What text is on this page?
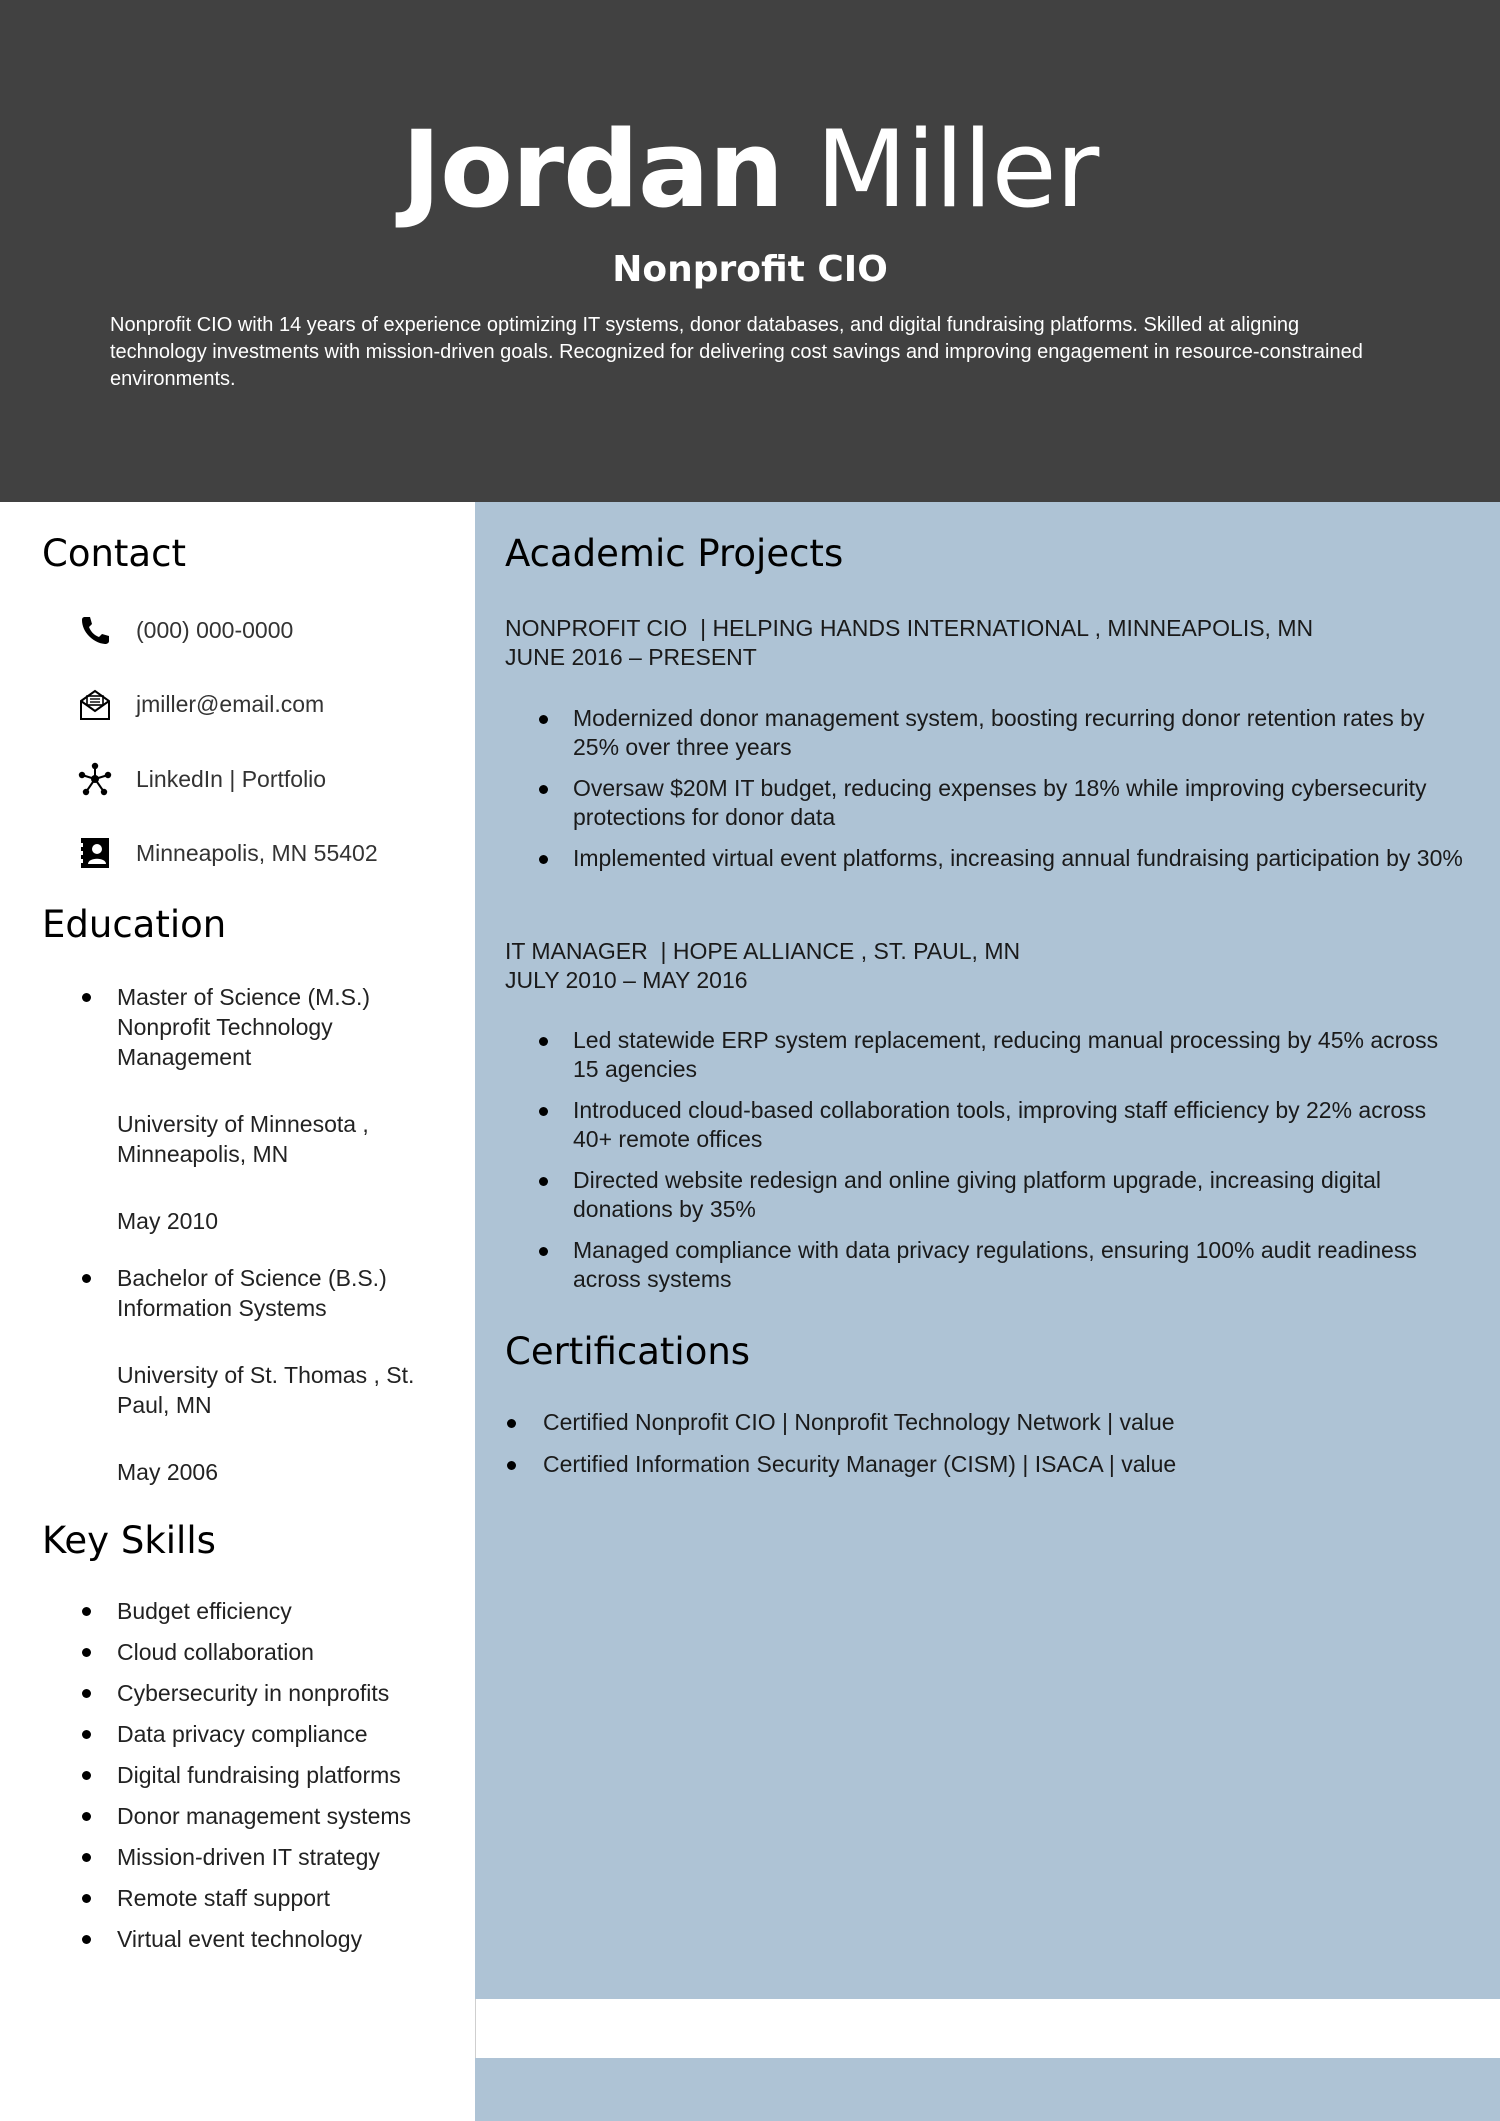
Jordan Miller
Nonprofit CIO
Nonprofit CIO with 14 years of experience optimizing IT systems, donor databases, and digital fundraising platforms. Skilled at aligning technology investments with mission-driven goals. Recognized for delivering cost savings and improving engagement in resource-constrained environments.
Contact
(000) 000-0000
jmiller@email.com
LinkedIn | Portfolio
Minneapolis, MN 55402
Education

Master of Science (M.S.) Nonprofit Technology Management

University of Minnesota , Minneapolis, MN

May 2010

Bachelor of Science (B.S.) Information Systems

University of St. Thomas , St. Paul, MN

May 2006

Key Skills
Budget efficiency
Cloud collaboration
Cybersecurity in nonprofits
Data privacy compliance
Digital fundraising platforms
Donor management systems
Mission-driven IT strategy
Remote staff support
Virtual event technology
Academic Projects
NONPROFIT CIO  | HELPING HANDS INTERNATIONAL , MINNEAPOLIS, MN
JUNE 2016 – PRESENT
Modernized donor management system, boosting recurring donor retention rates by 25% over three years
Oversaw $20M IT budget, reducing expenses by 18% while improving cybersecurity protections for donor data
Implemented virtual event platforms, increasing annual fundraising participation by 30%
IT MANAGER  | HOPE ALLIANCE , ST. PAUL, MN
JULY 2010 – MAY 2016
Led statewide ERP system replacement, reducing manual processing by 45% across 15 agencies
Introduced cloud-based collaboration tools, improving staff efficiency by 22% across 40+ remote offices
Directed website redesign and online giving platform upgrade, increasing digital donations by 35%
Managed compliance with data privacy regulations, ensuring 100% audit readiness across systems
Certifications
Certified Nonprofit CIO | Nonprofit Technology Network | value
Certified Information Security Manager (CISM) | ISACA | value
